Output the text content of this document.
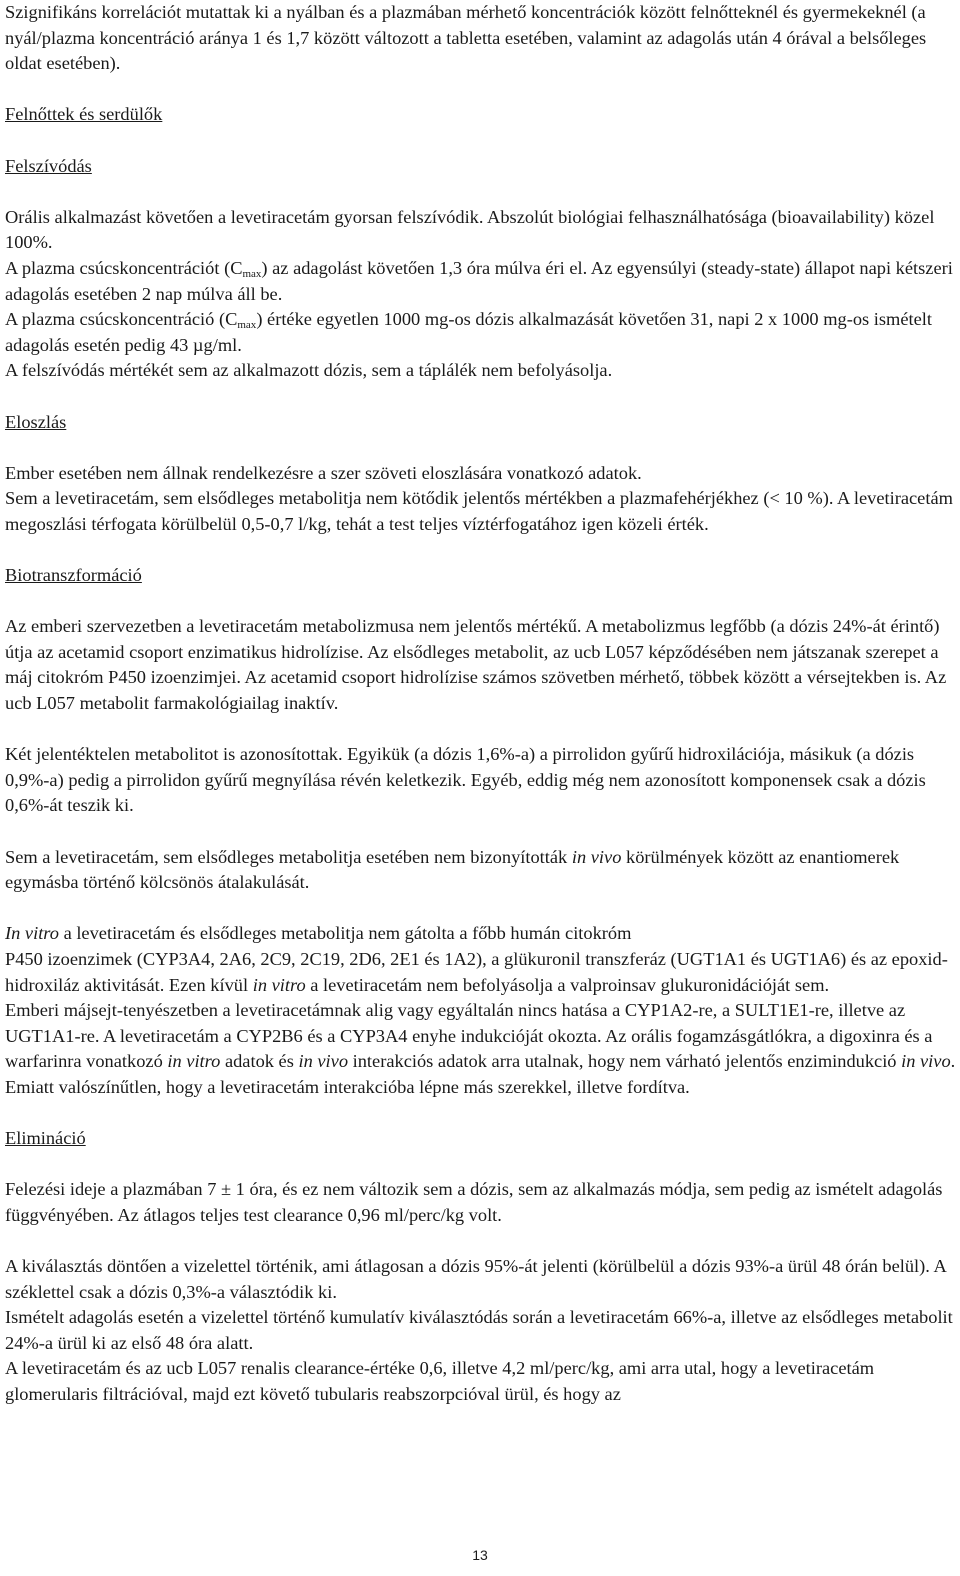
Szignifikáns korrelációt mutattak ki a nyálban és a plazmában mérhető koncentrációk között felnőtteknél és gyermekeknél (a nyál/plazma koncentráció aránya 1 és 1,7 között változott a tabletta esetében, valamint az adagolás után 4 órával a belsőleges oldat esetében).

Felnőttek és serdülők

Felszívódás

Orális alkalmazást követően a levetiracetám gyorsan felszívódik. Abszolút biológiai felhasználhatósága (bioavailability) közel 100%.

A plazma csúcskoncentrációt $(C_{max})$ az adagolást követően 1,3 óra múlva éri el. Az egyensúlyi (steady-state) állapot napi kétszeri adagolás esetében 2 nap múlva áll be.

A plazma csúcskoncentráció $(C_{max})$ értéke egyetlen 1000 mg-os dózis alkalmazását követően 31, napi 2 x 1000 mg-os ismételt adagolás esetén pedig 43 µg/ml.

A felszívódás mértékét sem az alkalmazott dózis, sem a táplálék nem befolyásolja.

Eloszlás

Ember esetében nem állnak rendelkezésre a szer szöveti eloszlására vonatkozó adatok.

Sem a levetiracetám, sem elsődleges metabolitja nem kötődik jelentős mértékben a plazmafehérjékhez (< 10 %). A levetiracetám megoszlási térfogata körülbelül 0,5-0,7 l/kg, tehát a test teljes víztérfogatához igen közeli érték.

Biotranszformáció

Az emberi szervezetben a levetiracetám metabolizmusa nem jelentős mértékű. A metabolizmus legfőbb (a dózis 24%-át érintő) útja az acetamid csoport enzimatikus hidrolízise. Az elsődleges metabolit, az ucb L057 képződésében nem játszanak szerepet a máj citokróm P450 izoenzimjei. Az acetamid csoport hidrolízise számos szövetben mérhető, többek között a vérsejtekben is. Az ucb L057 metabolit farmakológiailag inaktív.

Két jelentéktelen metabolitot is azonosítottak. Egyikük (a dózis 1,6%-a) a pirrolidon gyűrű hidroxilációja, másikuk (a dózis 0,9%-a) pedig a pirrolidon gyűrű megnyílása révén keletkezik. Egyéb, eddig még nem azonosított komponensek csak a dózis 0,6%-át teszik ki.

Sem a levetiracetám, sem elsődleges metabolitja esetében nem bizonyították in vivo körülmények között az enantiomerek egymásba történő kölcsönös átalakulását.

In vitro a levetiracetám és elsődleges metabolitja nem gátolta a főbb humán citokróm
P450 izoenzimek (CYP3A4, 2A6, 2C9, 2C19, 2D6, 2E1 és 1A2), a glükuronil transzferáz (UGT1A1 és UGT1A6) és az epoxid-hidroxiláz aktivitását. Ezen kívül in vitro a levetiracetám nem befolyásolja a valproinsav glukuronidációját sem.

Emberi májsejt-tenyészetben a levetiracetámnak alig vagy egyáltalán nincs hatása a CYP1A2-re, a SULT1E1-re, illetve az UGT1A1-re. A levetiracetám a CYP2B6 és a CYP3A4 enyhe indukcióját okozta. Az orális fogamzásgátlókra, a digoxinra és a warfarinra vonatkozó in vitro adatok és in vivo interakciós adatok arra utalnak, hogy nem várható jelentős enzimindukció in vivo. Emiatt valószínűtlen, hogy a levetiracetám interakcióba lépne más szerekkel, illetve fordítva.

Elimináció

Felezési ideje a plazmában 7 ± 1 óra, és ez nem változik sem a dózis, sem az alkalmazás módja, sem pedig az ismételt adagolás függvényében. Az átlagos teljes test clearance 0,96 ml/perc/kg volt.

A kiválasztás döntően a vizelettel történik, ami átlagosan a dózis 95%-át jelenti (körülbelül a dózis 93%-a ürül 48 órán belül). A széklettel csak a dózis 0,3%-a választódik ki.

Ismételt adagolás esetén a vizelettel történő kumulatív kiválasztódás során a levetiracetám 66%-a, illetve az elsődleges metabolit 24%-a ürül ki az első 48 óra alatt.

A levetiracetám és az ucb L057 renalis clearance-értéke 0,6, illetve 4,2 ml/perc/kg, ami arra utal, hogy a levetiracetám glomerularis filtrációval, majd ezt követő tubularis reabszorpcióval ürül, és hogy az

13
